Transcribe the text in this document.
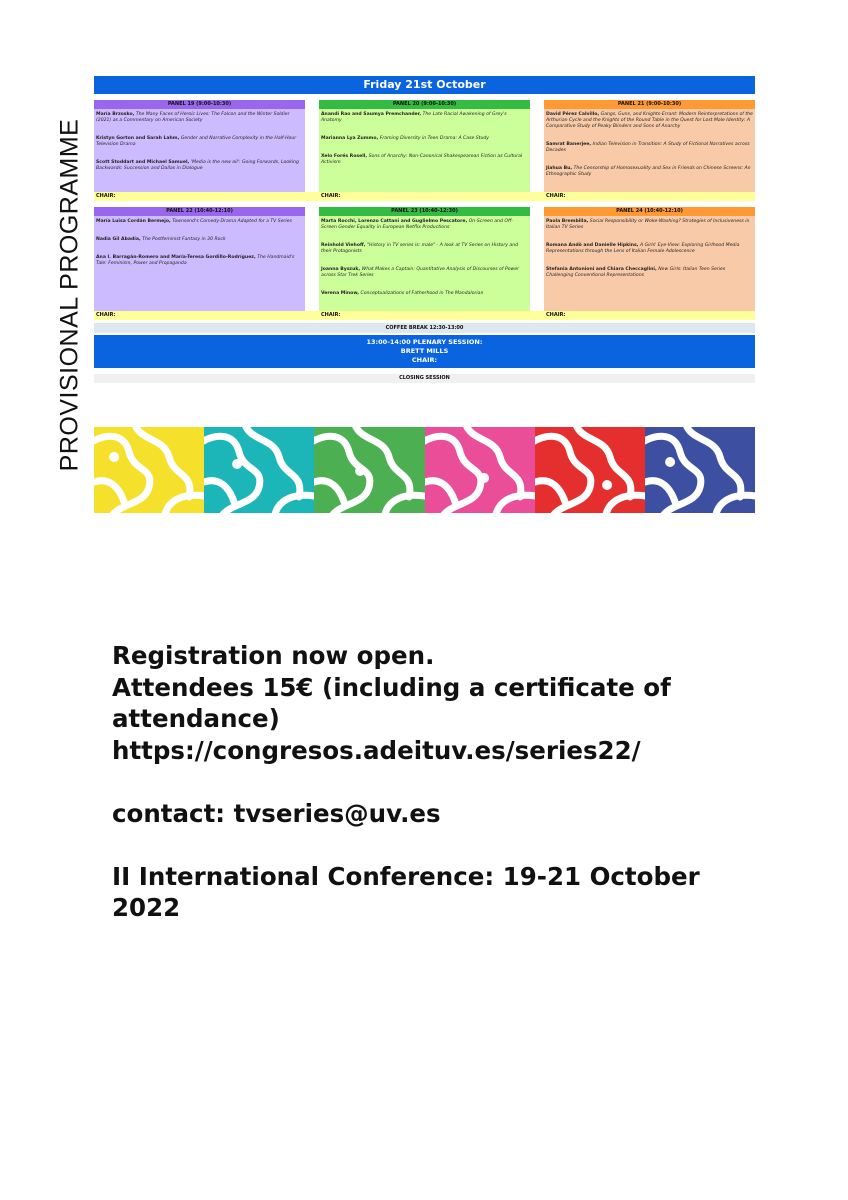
PROVISIONAL PROGRAMME
Friday 21st October
PANEL 19 (9:00-10:30)
María Brzosko, The Many Faces of Heroic Lives: The Falcon and the Winter Soldier (2021) as a Commentary on American Society
Kristyn Gorton and Sarah Lahm, Gender and Narrative Complexity in the Half-Hour Television Drama
Scott Stoddart and Michael Samuel, 'Media is the new oil': Going Forwards, Looking Backwards: Succession and Dallas in Dialogue
PANEL 20 (9:00-10:30)
Anandi Rao and Saumya Premchander, The Late Racial Awakening of Grey's Anatomy
Marianna Lya Zummo, Framing Diversity in Teen Drama: A Case Study
Xelo Forés Rosell, Sons of Anarchy: Non-Canonical Shakespearean Fiction as Cultural Activism
PANEL 21 (9:00-10:30)
David Pérez Calvillo, Gangs, Guns, and Knights-Errant: Modern Reinterpretations of the Arthurian Cycle and the Knights of the Round Table in the Quest for Lost Male Identity: A Comparative Study of Peaky Blinders and Sons of Anarchy
Samrat Banerjee, Indian Television in Transition: A Study of Fictional Narratives across Decades
Jiahua Bu, The Censorship of Homosexuality and Sex in Friends on Chinese Screens: An Ethnographic Study
CHAIR:	CHAIR:	CHAIR:
PANEL 22 (10:40-12:10)
María Luisa Cordán Bermejo, Townsend's Comedy-Drama Adapted for a TV Series
Nadia Gil Abadía, The Postfeminist Fantasy in 30 Rock
Ana I. Barragán-Romero and María-Teresa Gordillo-Rodríguez, The Handmaid's Tale: Feminism, Power and Propaganda
PANEL 23 (10:40-12:30)
Marta Rocchi, Lorenzo Cattani and Guglielmo Pescatore, On-Screen and Off-Screen Gender Equality in European Netflix Productions
Reinhold Viehoff, "History in TV series is: male" - A look at TV Series on History and their Protagonists
Joanna Byszuk, What Makes a Captain: Quantitative Analysis of Discourses of Power across Star Trek Series
Verena Minow, Conceptualizations of Fatherhood in The Mandalorian
PANEL 24 (10:40-12:10)
Paola Brembilla, Social Responsibility or Woke-Washing? Strategies of Inclusiveness in Italian TV Series
Romana Andò and Danielle Hipkins, A Girls' Eye-View: Exploring Girlhood Media Representations through the Lens of Italian Female Adolescence
Stefania Antonioni and Chiara Checcaglini, New Girls: Italian Teen Series Challenging Conventional Representations
CHAIR:	CHAIR:	CHAIR:
COFFEE BREAK 12:30-13:00
13:00-14:00 PLENARY SESSION:
BRETT MILLS
CHAIR:
CLOSING SESSION

Registration now open.

Attendees 15€ (including a certificate of

attendance)

https://congresos.adeituv.es/series22/

contact: tvseries@uv.es

II International Conference: 19-21 October

2022
